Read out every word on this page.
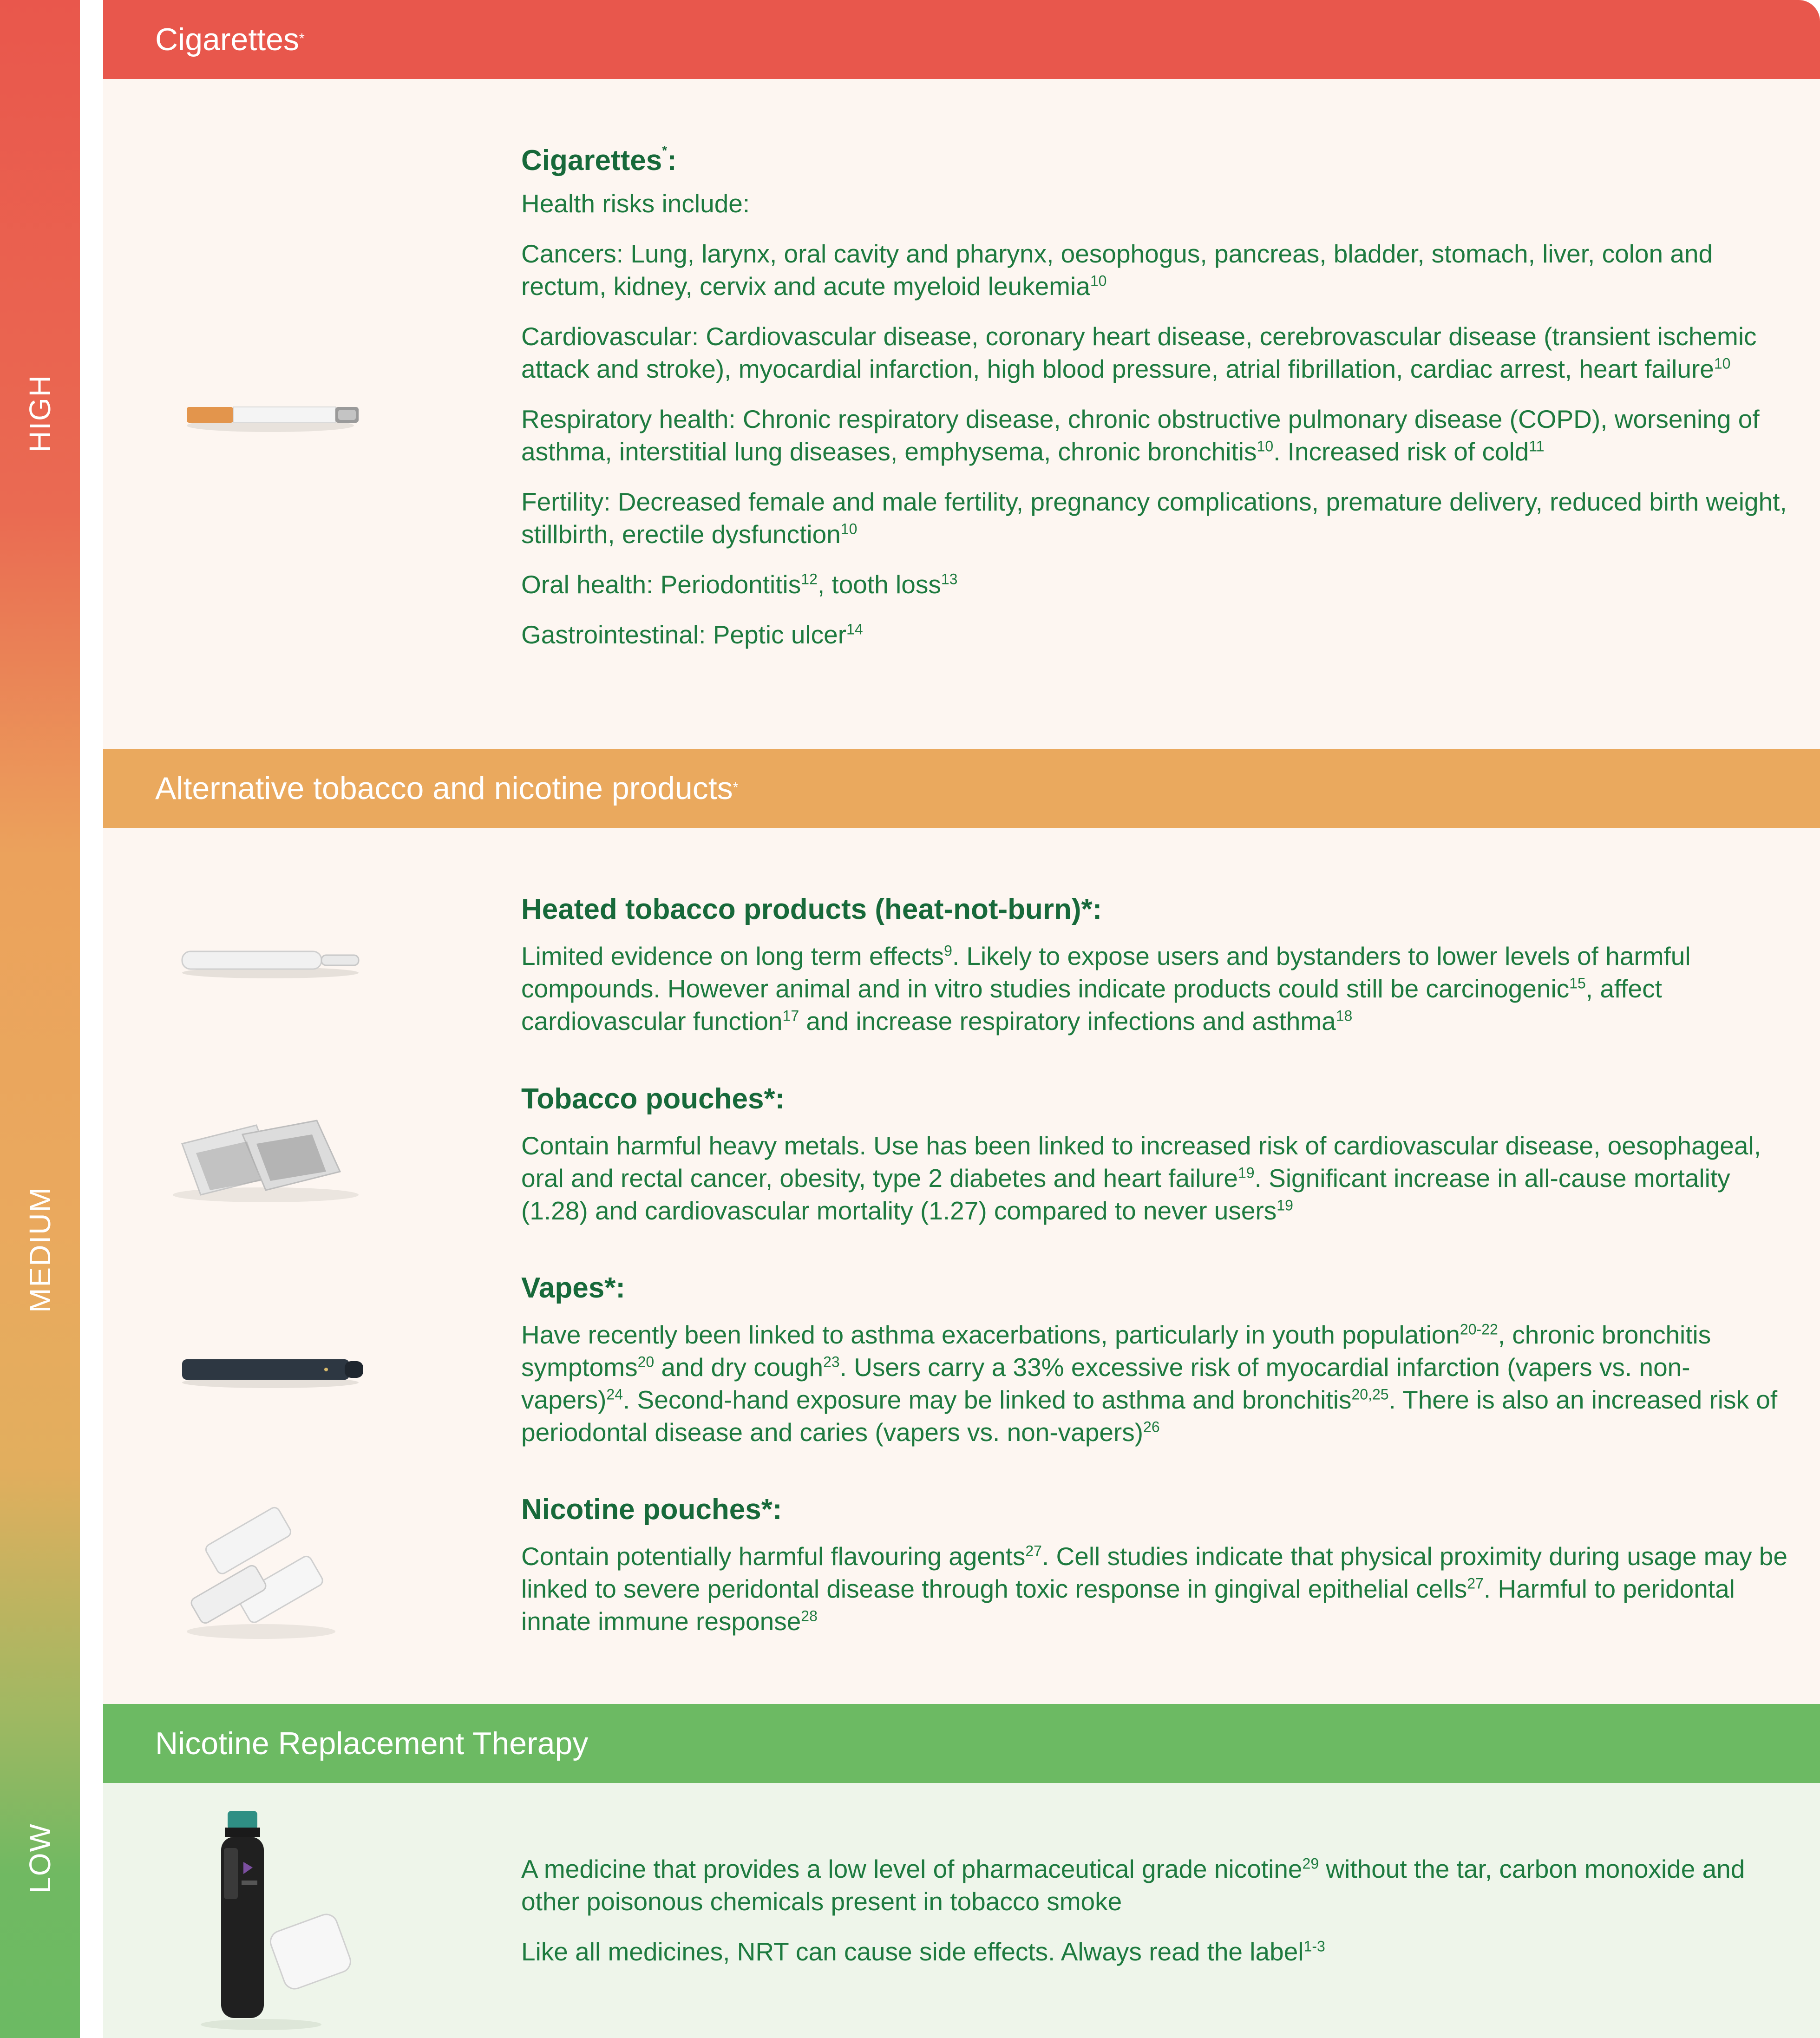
HIGH
MEDIUM
LOW
Cigarettes *
Cigarettes*:

Health risks include:

Cancers: Lung, larynx, oral cavity and pharynx, oesophogus, pancreas, bladder, stomach, liver, colon and rectum, kidney, cervix and acute myeloid leukemia$^{10}$

Cardiovascular: Cardiovascular disease, coronary heart disease, cerebrovascular disease (transient ischemic attack and stroke), myocardial infarction, high blood pressure, atrial fibrillation, cardiac arrest, heart failure$^{10}$

Respiratory health: Chronic respiratory disease, chronic obstructive pulmonary disease (COPD), worsening of asthma, interstitial lung diseases, emphysema, chronic bronchitis$^{10}$. Increased risk of cold$^{11}$

Fertility: Decreased female and male fertility, pregnancy complications, premature delivery, reduced birth weight, stillbirth, erectile dysfunction$^{10}$

Oral health: Periodontitis$^{12}$, tooth loss$^{13}$

Gastrointestinal: Peptic ulcer$^{14}$

Alternative tobacco and nicotine products *
Heated tobacco products (heat-not-burn)*:

Limited evidence on long term effects$^9$. Likely to expose users and bystanders to lower levels of harmful compounds. However animal and in vitro studies indicate products could still be carcinogenic$^{15}$, affect cardiovascular function$^{17}$ and increase respiratory infections and asthma$^{18}$

Tobacco pouches*:

Contain harmful heavy metals. Use has been linked to increased risk of cardiovascular disease, oesophageal, oral and rectal cancer, obesity, type 2 diabetes and heart failure$^{19}$. Significant increase in all-cause mortality (1.28) and cardiovascular mortality (1.27) compared to never users$^{19}$

Vapes*:

Have recently been linked to asthma exacerbations, particularly in youth population$^{20-22}$, chronic bronchitis symptoms$^{20}$ and dry cough$^{23}$. Users carry a 33% excessive risk of myocardial infarction (vapers vs. non-vapers)$^{24}$. Second-hand exposure may be linked to asthma and bronchitis$^{20,25}$. There is also an increased risk of periodontal disease and caries (vapers vs. non-vapers)$^{26}$

Nicotine pouches*:

Contain potentially harmful flavouring agents$^{27}$. Cell studies indicate that physical proximity during usage may be linked to severe peridontal disease through toxic response in gingival epithelial cells$^{27}$. Harmful to peridontal innate immune response$^{28}$

Nicotine Replacement Therapy

A medicine that provides a low level of pharmaceutical grade nicotine$^{29}$ without the tar, carbon monoxide and other poisonous chemicals present in tobacco smoke

Like all medicines, NRT can cause side effects. Always read the label$^{1-3}$
